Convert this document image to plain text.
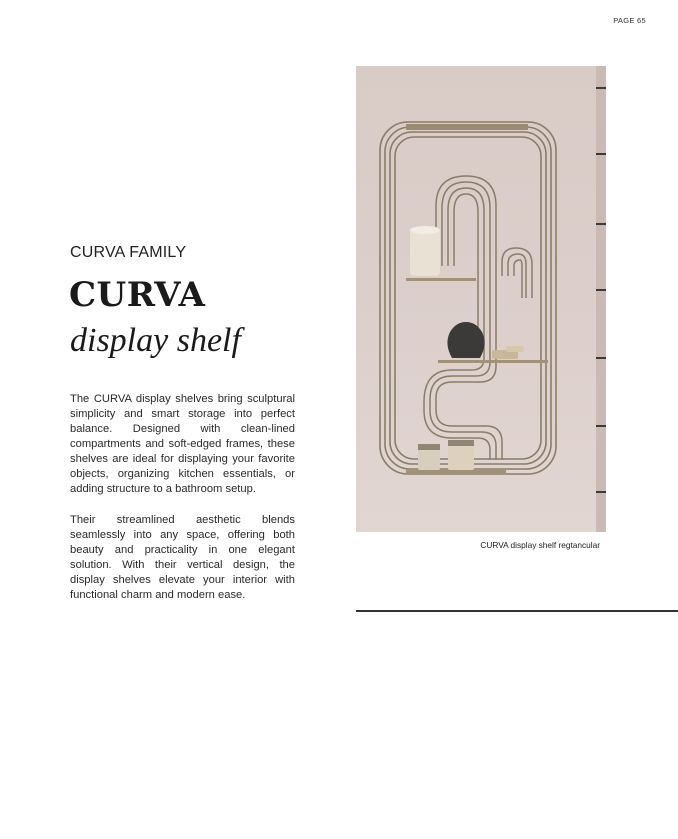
PAGE 65
CURVA FAMILY
CURVA
display shelf

The CURVA display shelves bring sculptural simplicity and smart storage into perfect balance. Designed with clean-lined compartments and soft-edged frames, these shelves are ideal for displaying your favorite objects, organizing kitchen essentials, or adding structure to a bathroom setup.

Their streamlined aesthetic blends seamlessly into any space, offering both beauty and practicality in one elegant solution. With their vertical design, the display shelves elevate your interior with functional charm and modern ease.

CURVA display shelf regtancular
